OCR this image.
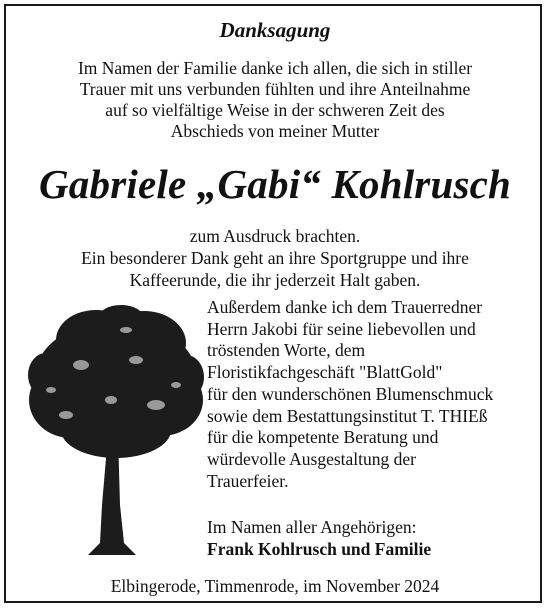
Danksagung
Im Namen der Familie danke ich allen, die sich in stiller
Trauer mit uns verbunden fühlten und ihre Anteilnahme
auf so vielfältige Weise in der schweren Zeit des
Abschieds von meiner Mutter
Gabriele „Gabi“ Kohlrusch
zum Ausdruck brachten.
Ein besonderer Dank geht an ihre Sportgruppe und ihre
Kaffeerunde, die ihr jederzeit Halt gaben.
Außerdem danke ich dem Trauerredner
Herrn Jakobi für seine liebevollen und
tröstenden Worte, dem
Floristikfachgeschäft "BlattGold"
für den wunderschönen Blumenschmuck
sowie dem Bestattungsinstitut T. THIEß
für die kompetente Beratung und
würdevolle Ausgestaltung der
Trauerfeier.
Im Namen aller Angehörigen:
Frank Kohlrusch und Familie
Elbingerode, Timmenrode, im November 2024
